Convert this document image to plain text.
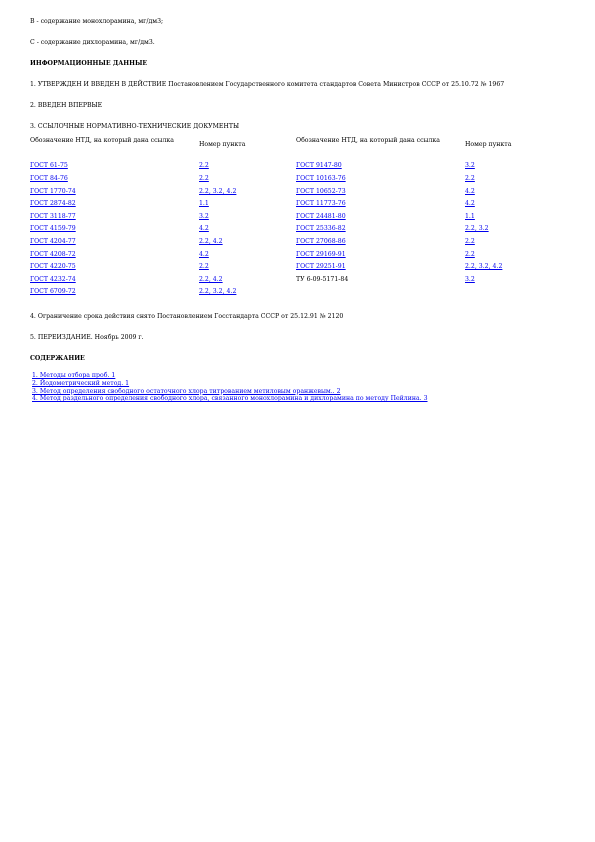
В - содержание монохлорамина, мг/дм3;

С - содержание дихлорамина, мг/дм3.

ИНФОРМАЦИОННЫЕ ДАННЫЕ

1. УТВЕРЖДЕН И ВВЕДЕН В ДЕЙСТВИЕ Постановлением Государственного комитета стандартов Совета Министров СССР от 25.10.72 № 1967

2. ВВЕДЕН ВПЕРВЫЕ

3. ССЫЛОЧНЫЕ НОРМАТИВНО-ТЕХНИЧЕСКИЕ ДОКУМЕНТЫ

Обозначение НТД, на который дана ссылка	Номер пункта	Обозначение НТД, на который дана ссылка	Номер пункта
ГОСТ 61-75	2.2	ГОСТ 9147-80	3.2
ГОСТ 84-76	2.2	ГОСТ 10163-76	2.2
ГОСТ 1770-74	2.2, 3.2, 4.2	ГОСТ 10652-73	4.2
ГОСТ 2874-82	1.1	ГОСТ 11773-76	4.2
ГОСТ 3118-77	3.2	ГОСТ 24481-80	1.1
ГОСТ 4159-79	4.2	ГОСТ 25336-82	2.2, 3.2
ГОСТ 4204-77	2.2, 4.2	ГОСТ 27068-86	2.2
ГОСТ 4208-72	4.2	ГОСТ 29169-91	2.2
ГОСТ 4220-75	2.2	ГОСТ 29251-91	2.2, 3.2, 4.2
ГОСТ 4232-74	2.2, 4.2	ТУ 6-09-5171-84	3.2
ГОСТ 6709-72	2.2, 3.2, 4.2		

4. Ограничение срока действия снято Постановлением Госстандарта СССР от 25.12.91 № 2120

5. ПЕРЕИЗДАНИЕ. Ноябрь 2009 г.

СОДЕРЖАНИЕ

1. Методы отбора проб. 1
2. Йодометрический метод. 1
3. Метод определения свободного остаточного хлора титрованием метиловым оранжевым.. 2
4. Метод раздельного определения свободного хлора, связанного монохлорамина и дихлорамина по методу Пейлина. 3
